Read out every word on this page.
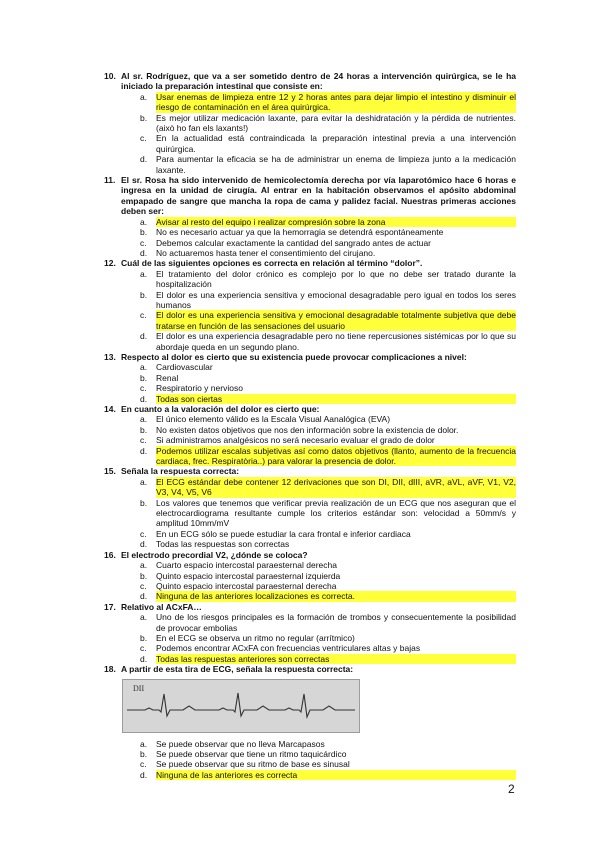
10. Al sr. Rodríguez, que va a ser sometido dentro de 24 horas a intervención quirúrgica, se le ha iniciado la preparación intestinal que consiste en:
a.	Usar enemas de limpieza entre 12 y 2 horas antes para dejar limpio el intestino y disminuir el riesgo de contaminación en el área quirúrgica.
b.	Es mejor utilizar medicación laxante, para evitar la deshidratación y la pérdida de nutrientes. (això ho fan els laxants!)
c.	En la actualidad está contraindicada la preparación intestinal previa a una intervención quirúrgica.
d.	Para aumentar la eficacia se ha de administrar un enema de limpieza junto a la medicación laxante.
11. El sr. Rosa ha sido intervenido de hemicolectomía derecha por vía laparotómico hace 6 horas e ingresa en la unidad de cirugía. Al entrar en la habitación observamos el apósito abdominal empapado de sangre que mancha la ropa de cama y palidez facial. Nuestras primeras acciones deben ser:
a.	Avisar al resto del equipo i realizar compresión sobre la zona
b.	No es necesario actuar ya que la hemorragia se detendrá espontáneamente
c.	Debemos calcular exactamente la cantidad del sangrado antes de actuar
d.	No actuaremos hasta tener el consentimiento del cirujano.
12. Cuál de las siguientes opciones es correcta en relación al término “dolor”.
a.	El tratamiento del dolor crónico es complejo por lo que no debe ser tratado durante la hospitalización
b.	El dolor es una experiencia sensitiva y emocional desagradable pero igual en todos los seres humanos
c.	El dolor es una experiencia sensitiva y emocional desagradable totalmente subjetiva que debe tratarse en función de las sensaciones del usuario
d.	El dolor es una experiencia desagradable pero no tiene repercusiones sistémicas por lo que su abordaje queda en un segundo plano.
13. Respecto al dolor es cierto que su existencia puede provocar complicaciones a nivel:
a.	Cardiovascular
b.	Renal
c.	Respiratorio y nervioso
d.	Todas son ciertas
14. En cuanto a la valoración del dolor es cierto que:
a.	El único elemento válido es la Escala Visual Aanalógica (EVA)
b.	No existen datos objetivos que nos den información sobre la existencia de dolor.
c.	Si administramos analgésicos no será necesario evaluar el grado de dolor
d.	Podemos utilizar escalas subjetivas así como datos objetivos (llanto, aumento de la frecuencia cardiaca, frec. Respiratòria..) para valorar la presencia de dolor.
15. Señala la respuesta correcta:
a.	El ECG estándar debe contener 12 derivaciones que son DI, DII, dIII, aVR, aVL, aVF, V1, V2, V3, V4, V5, V6
b.	Los valores que tenemos que verificar previa realización de un ECG que nos aseguran que el electrocardiograma resultante cumple los criterios estándar son: velocidad a 50mm/s y amplitud 10mm/mV
c.	En un ECG sólo se puede estudiar la cara frontal e inferior cardiaca
d.	Todas las respuestas son correctas
16. El electrodo precordial V2, ¿dónde se coloca?
a.	Cuarto espacio intercostal paraesternal derecha
b.	Quinto espacio intercostal paraesternal izquierda
c.	Quinto espacio intercostal paraesternal derecha
d.	Ninguna de las anteriores localizaciones es correcta.
17. Relativo al ACxFA…
a.	Uno de los riesgos principales es la formación de trombos y consecuentemente la posibilidad de provocar embolias
b.	En el ECG se observa un ritmo no regular (arrítmico)
c.	Podemos encontrar ACxFA con frecuencias ventriculares altas y bajas
d.	Todas las respuestas anteriores son correctas
18. A partir de esta tira de ECG, señala la respuesta correcta:
DII
a.	Se puede observar que no lleva Marcapasos
b.	Se puede observar que tiene un ritmo taquicárdico
c.	Se puede observar que su ritmo de base es sinusal
d.	Ninguna de las anteriores es correcta
2
